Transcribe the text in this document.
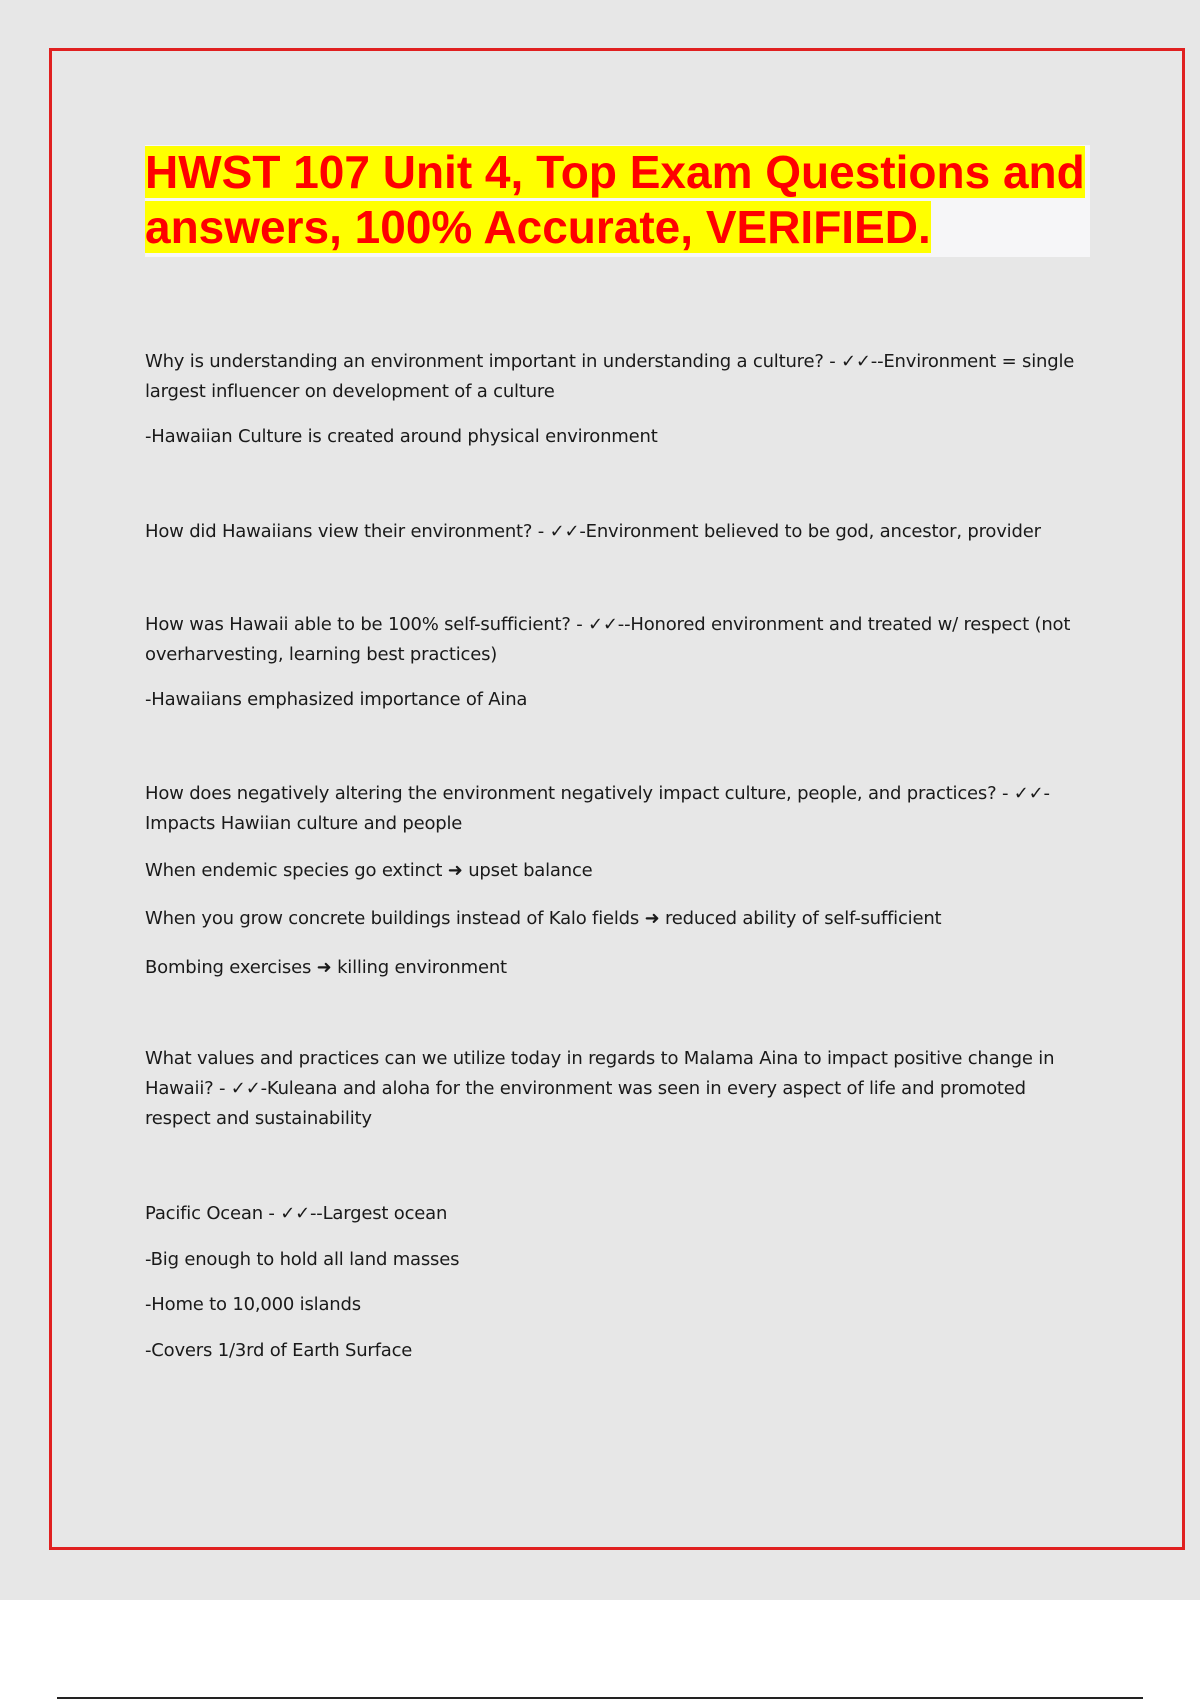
HWST 107 Unit 4, Top Exam Questions and answers, 100% Accurate, VERIFIED.

Why is understanding an environment important in understanding a culture? - ✓✓--Environment = single largest influencer on development of a culture

-Hawaiian Culture is created around physical environment

How did Hawaiians view their environment? - ✓✓-Environment believed to be god, ancestor, provider

How was Hawaii able to be 100% self-sufficient? - ✓✓--Honored environment and treated w/ respect (not overharvesting, learning best practices)

-Hawaiians emphasized importance of Aina

How does negatively altering the environment negatively impact culture, people, and practices? - ✓✓-Impacts Hawiian culture and people

When endemic species go extinct ➜ upset balance

When you grow concrete buildings instead of Kalo fields ➜ reduced ability of self-sufficient

Bombing exercises ➜ killing environment

What values and practices can we utilize today in regards to Malama Aina to impact positive change in Hawaii? - ✓✓-Kuleana and aloha for the environment was seen in every aspect of life and promoted respect and sustainability

Pacific Ocean - ✓✓--Largest ocean

-Big enough to hold all land masses

-Home to 10,000 islands

-Covers 1/3rd of Earth Surface
